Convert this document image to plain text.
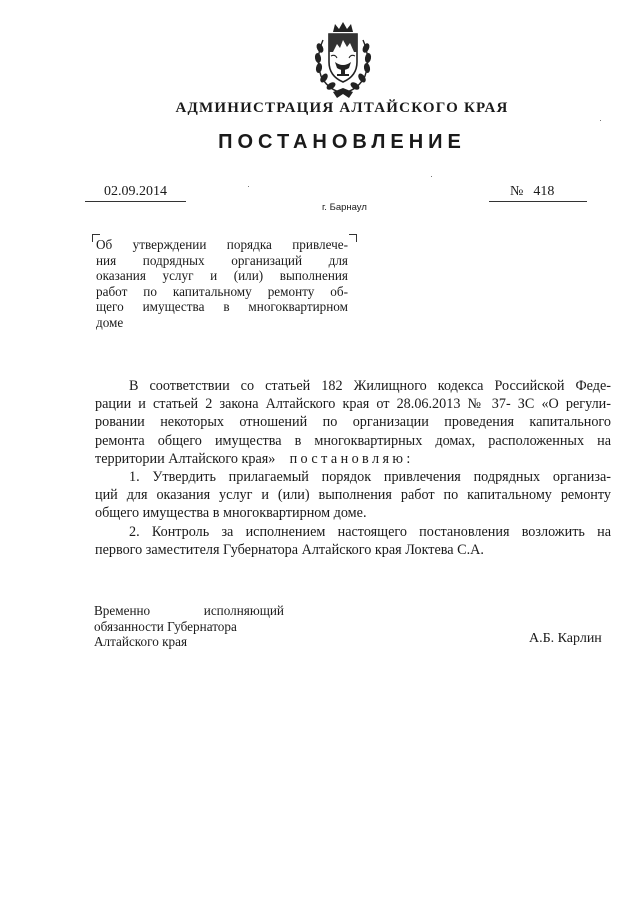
АДМИНИСТРАЦИЯ АЛТАЙСКОГО КРАЯ
ПОСТАНОВЛЕНИЕ
02.09.2014	№ 418
г. Барнаул
Об утверждении порядка привлече-
ния подрядных организаций для
оказания услуг и (или) выполнения
работ по капитальному ремонту об-
щего имущества в многоквартирном
доме
В соответствии со статьей 182 Жилищного кодекса Российской Феде-
рации и статьей 2 закона Алтайского края от 28.06.2013 № 37- ЗС «О регули-
ровании некоторых отношений по организации проведения капитального
ремонта общего имущества в многоквартирных домах, расположенных на
территории Алтайского края» постановляю:
1. Утвердить прилагаемый порядок привлечения подрядных организа-
ций для оказания услуг и (или) выполнения работ по капитальному ремонту
общего имущества в многоквартирном доме.
2. Контроль за исполнением настоящего постановления возложить на
первого заместителя Губернатора Алтайского края Локтева С.А.
Временно исполняющий
обязанности Губернатора
Алтайского края	А.Б. Карлин
